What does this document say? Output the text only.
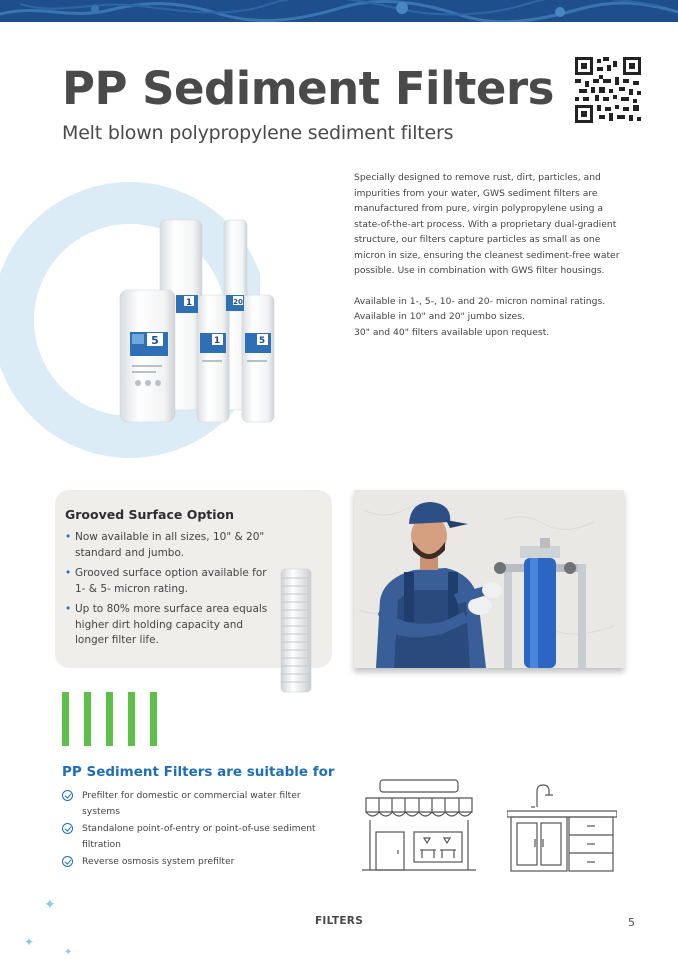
PP Sediment Filters
Melt blown polypropylene sediment filters
5
1
1
20
5

Specially designed to remove rust, dirt, particles, and impurities from your water, GWS sediment filters are manufactured from pure, virgin polypropylene using a state-of-the-art process. With a proprietary dual-gradient structure, our filters capture particles as small as one micron in size, ensuring the cleanest sediment-free water possible. Use in combination with GWS filter housings.

Available in 1-, 5-, 10- and 20- micron nominal ratings.
Available in 10" and 20" jumbo sizes.
30" and 40" filters available upon request.
Grooved Surface Option
• Now available in all sizes, 10" & 20" standard and jumbo.
• Grooved surface option available for 1- & 5- micron rating.
• Up to 80% more surface area equals higher dirt holding capacity and longer filter life.
PP Sediment Filters are suitable for
Prefilter for domestic or commercial water filter systems
Standalone point-of-entry or point-of-use sediment filtration
Reverse osmosis system prefilter
✦
✦
✦
FILTERS	5
